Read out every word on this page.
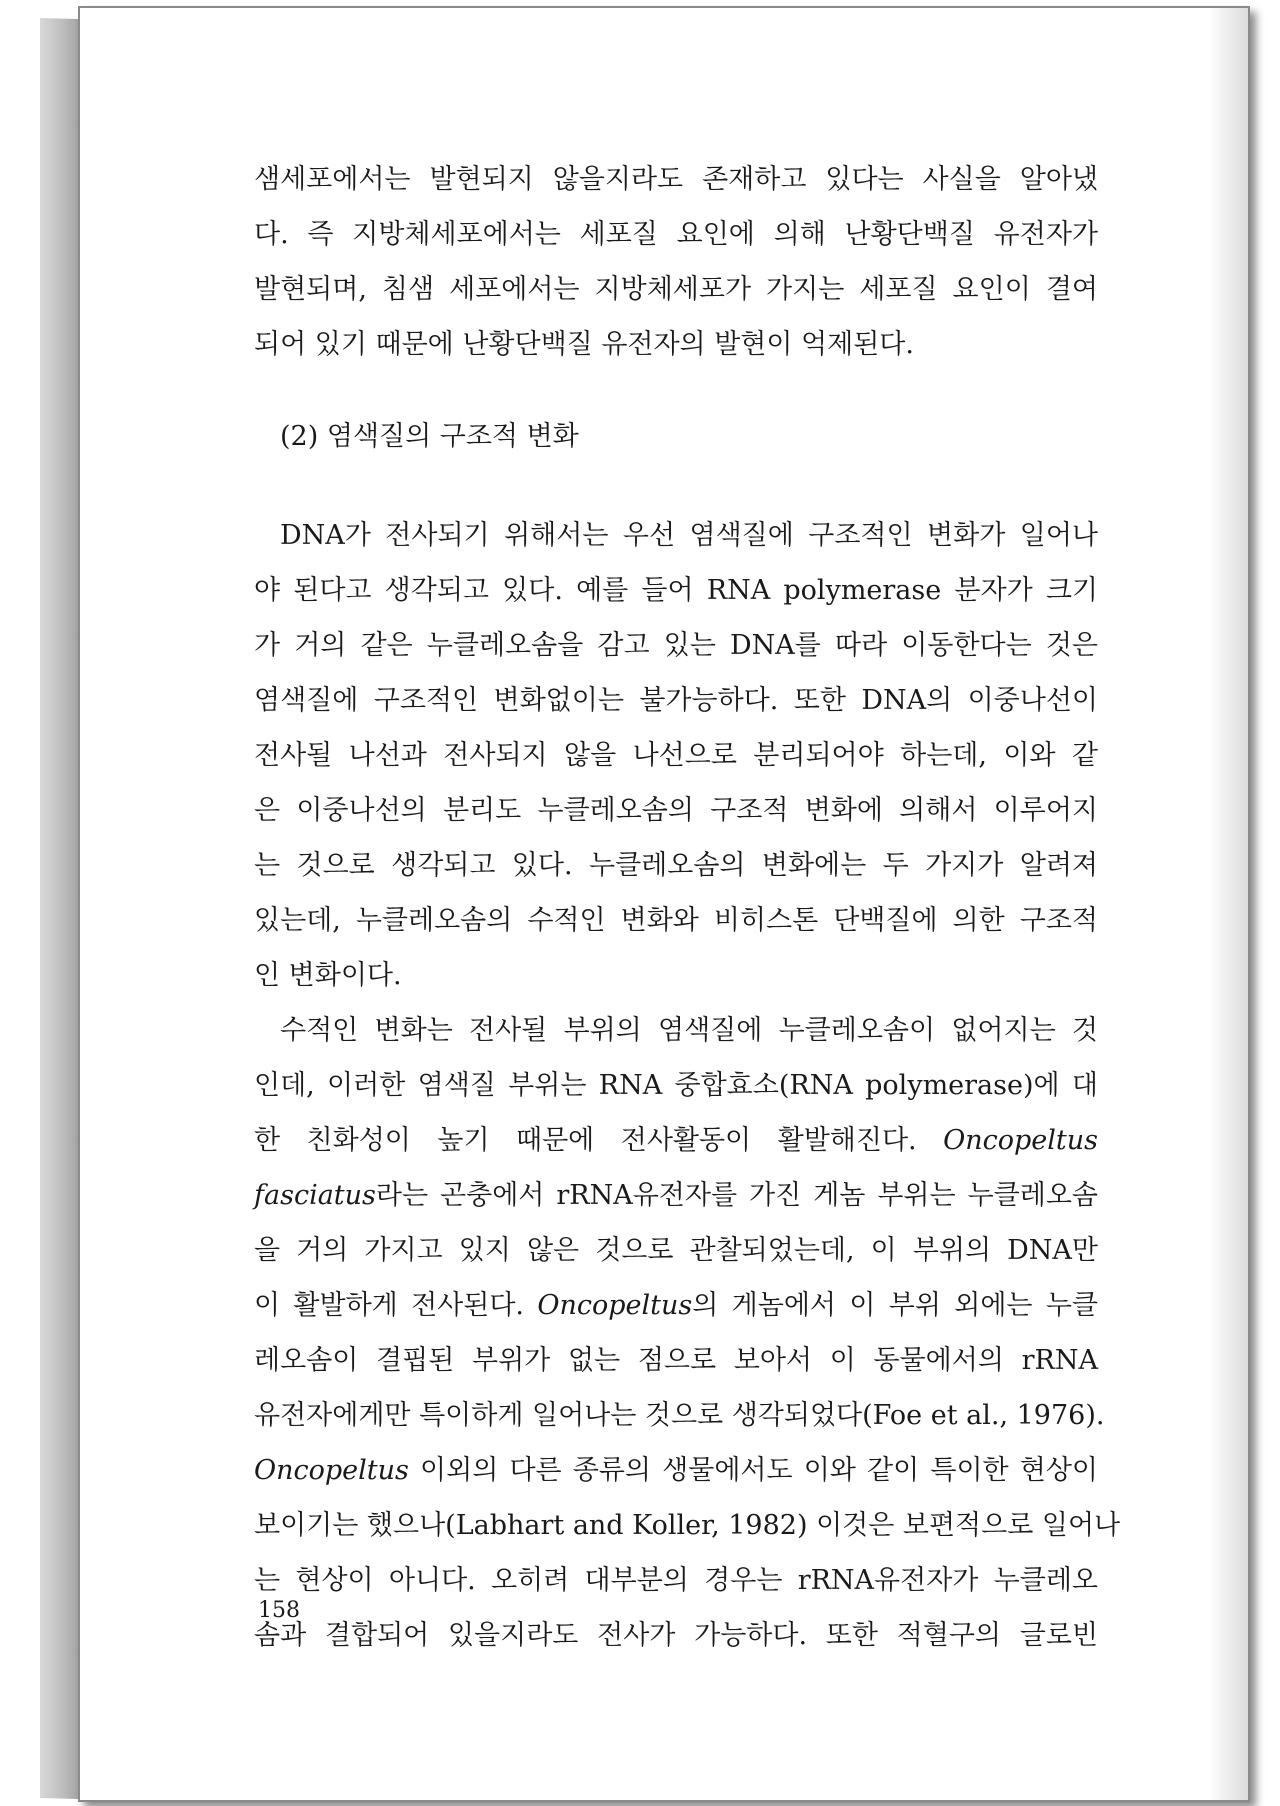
샘세포에서는 발현되지 않을지라도 존재하고 있다는 사실을 알아냈
다. 즉 지방체세포에서는 세포질 요인에 의해 난황단백질 유전자가
발현되며, 침샘 세포에서는 지방체세포가 가지는 세포질 요인이 결여
되어 있기 때문에 난황단백질 유전자의 발현이 억제된다.
(2) 염색질의 구조적 변화
DNA가 전사되기 위해서는 우선 염색질에 구조적인 변화가 일어나
야 된다고 생각되고 있다. 예를 들어 RNA polymerase 분자가 크기
가 거의 같은 누클레오솜을 감고 있는 DNA를 따라 이동한다는 것은
염색질에 구조적인 변화없이는 불가능하다. 또한 DNA의 이중나선이
전사될 나선과 전사되지 않을 나선으로 분리되어야 하는데, 이와 같
은 이중나선의 분리도 누클레오솜의 구조적 변화에 의해서 이루어지
는 것으로 생각되고 있다. 누클레오솜의 변화에는 두 가지가 알려져
있는데, 누클레오솜의 수적인 변화와 비히스톤 단백질에 의한 구조적
인 변화이다.
수적인 변화는 전사될 부위의 염색질에 누클레오솜이 없어지는 것
인데, 이러한 염색질 부위는 RNA 중합효소(RNA polymerase)에 대
한 친화성이 높기 때문에 전사활동이 활발해진다. Oncopeltus
fasciatus라는 곤충에서 rRNA유전자를 가진 게놈 부위는 누클레오솜
을 거의 가지고 있지 않은 것으로 관찰되었는데, 이 부위의 DNA만
이 활발하게 전사된다. Oncopeltus의 게놈에서 이 부위 외에는 누클
레오솜이 결핍된 부위가 없는 점으로 보아서 이 동물에서의 rRNA
유전자에게만 특이하게 일어나는 것으로 생각되었다(Foe et al., 1976).
Oncopeltus 이외의 다른 종류의 생물에서도 이와 같이 특이한 현상이
보이기는 했으나(Labhart and Koller, 1982) 이것은 보편적으로 일어나
는 현상이 아니다. 오히려 대부분의 경우는 rRNA유전자가 누클레오
솜과 결합되어 있을지라도 전사가 가능하다. 또한 적혈구의 글로빈
158
